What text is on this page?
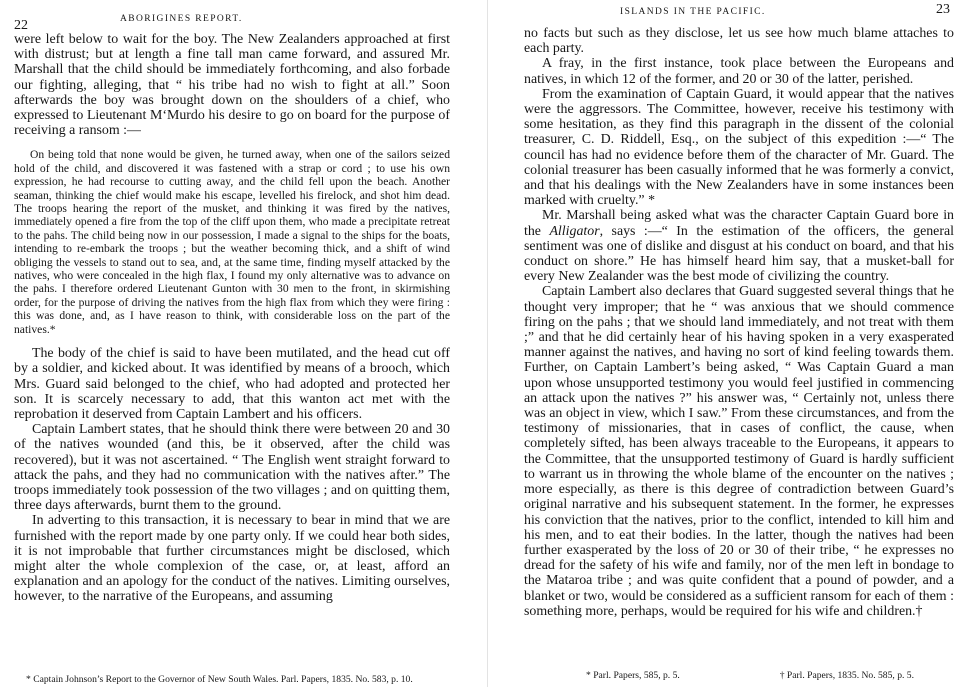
22	ABORIGINES REPORT.

were left below to wait for the boy. The New Zealanders approached at first with distrust; but at length a fine tall man came forward, and assured Mr. Marshall that the child should be immediately forthcoming, and also forbade our fighting, alleging, that “ his tribe had no wish to fight at all.” Soon afterwards the boy was brought down on the shoulders of a chief, who expressed to Lieutenant M‘Murdo his desire to go on board for the purpose of receiving a ransom :—

On being told that none would be given, he turned away, when one of the sailors seized hold of the child, and discovered it was fastened with a strap or cord ; to use his own expression, he had recourse to cutting away, and the child fell upon the beach. Another seaman, thinking the chief would make his escape, levelled his firelock, and shot him dead. The troops hearing the report of the musket, and thinking it was fired by the natives, immediately opened a fire from the top of the cliff upon them, who made a precipitate retreat to the pahs. The child being now in our possession, I made a signal to the ships for the boats, intending to re-embark the troops ; but the weather becoming thick, and a shift of wind obliging the vessels to stand out to sea, and, at the same time, finding myself attacked by the natives, who were concealed in the high flax, I found my only alternative was to advance on the pahs. I therefore ordered Lieutenant Gunton with 30 men to the front, in skirmishing order, for the purpose of driving the natives from the high flax from which they were firing : this was done, and, as I have reason to think, with considerable loss on the part of the natives.*

The body of the chief is said to have been mutilated, and the head cut off by a soldier, and kicked about. It was identified by means of a brooch, which Mrs. Guard said belonged to the chief, who had adopted and protected her son. It is scarcely necessary to add, that this wanton act met with the reprobation it deserved from Captain Lambert and his officers.

Captain Lambert states, that he should think there were between 20 and 30 of the natives wounded (and this, be it observed, after the child was recovered), but it was not ascertained. “ The English went straight forward to attack the pahs, and they had no communication with the natives after.” The troops immediately took possession of the two villages ; and on quitting them, three days afterwards, burnt them to the ground.

In adverting to this transaction, it is necessary to bear in mind that we are furnished with the report made by one party only. If we could hear both sides, it is not improbable that further circumstances might be disclosed, which might alter the whole complexion of the case, or, at least, afford an explanation and an apology for the conduct of the natives. Limiting ourselves, however, to the narrative of the Europeans, and assuming

* Captain Johnson’s Report to the Governor of New South Wales. Parl. Papers, 1835. No. 583, p. 10.

ISLANDS IN THE PACIFIC.	23

no facts but such as they disclose, let us see how much blame attaches to each party.

A fray, in the first instance, took place between the Europeans and natives, in which 12 of the former, and 20 or 30 of the latter, perished.

From the examination of Captain Guard, it would appear that the natives were the aggressors. The Committee, however, receive his testimony with some hesitation, as they find this paragraph in the dissent of the colonial treasurer, C. D. Riddell, Esq., on the subject of this expedition :—“ The council has had no evidence before them of the character of Mr. Guard. The colonial treasurer has been casually informed that he was formerly a convict, and that his dealings with the New Zealanders have in some instances been marked with cruelty.” *

Mr. Marshall being asked what was the character Captain Guard bore in the Alligator, says :—“ In the estimation of the officers, the general sentiment was one of dislike and disgust at his conduct on board, and that his conduct on shore.” He has himself heard him say, that a musket-ball for every New Zealander was the best mode of civilizing the country.

Captain Lambert also declares that Guard suggested several things that he thought very improper; that he “ was anxious that we should commence firing on the pahs ; that we should land immediately, and not treat with them ;” and that he did certainly hear of his having spoken in a very exasperated manner against the natives, and having no sort of kind feeling towards them. Further, on Captain Lambert’s being asked, “ Was Captain Guard a man upon whose unsupported testimony you would feel justified in commencing an attack upon the natives ?” his answer was, “ Certainly not, unless there was an object in view, which I saw.” From these circumstances, and from the testimony of missionaries, that in cases of conflict, the cause, when completely sifted, has been always traceable to the Europeans, it appears to the Committee, that the unsupported testimony of Guard is hardly sufficient to warrant us in throwing the whole blame of the encounter on the natives ; more especially, as there is this degree of contradiction between Guard’s original narrative and his subsequent statement. In the former, he expresses his conviction that the natives, prior to the conflict, intended to kill him and his men, and to eat their bodies. In the latter, though the natives had been further exasperated by the loss of 20 or 30 of their tribe, “ he expresses no dread for the safety of his wife and family, nor of the men left in bondage to the Mataroa tribe ; and was quite confident that a pound of powder, and a blanket or two, would be considered as a sufficient ransom for each of them : something more, perhaps, would be required for his wife and children.†

* Parl. Papers, 585, p. 5.	† Parl. Papers, 1835. No. 585, p. 5.
